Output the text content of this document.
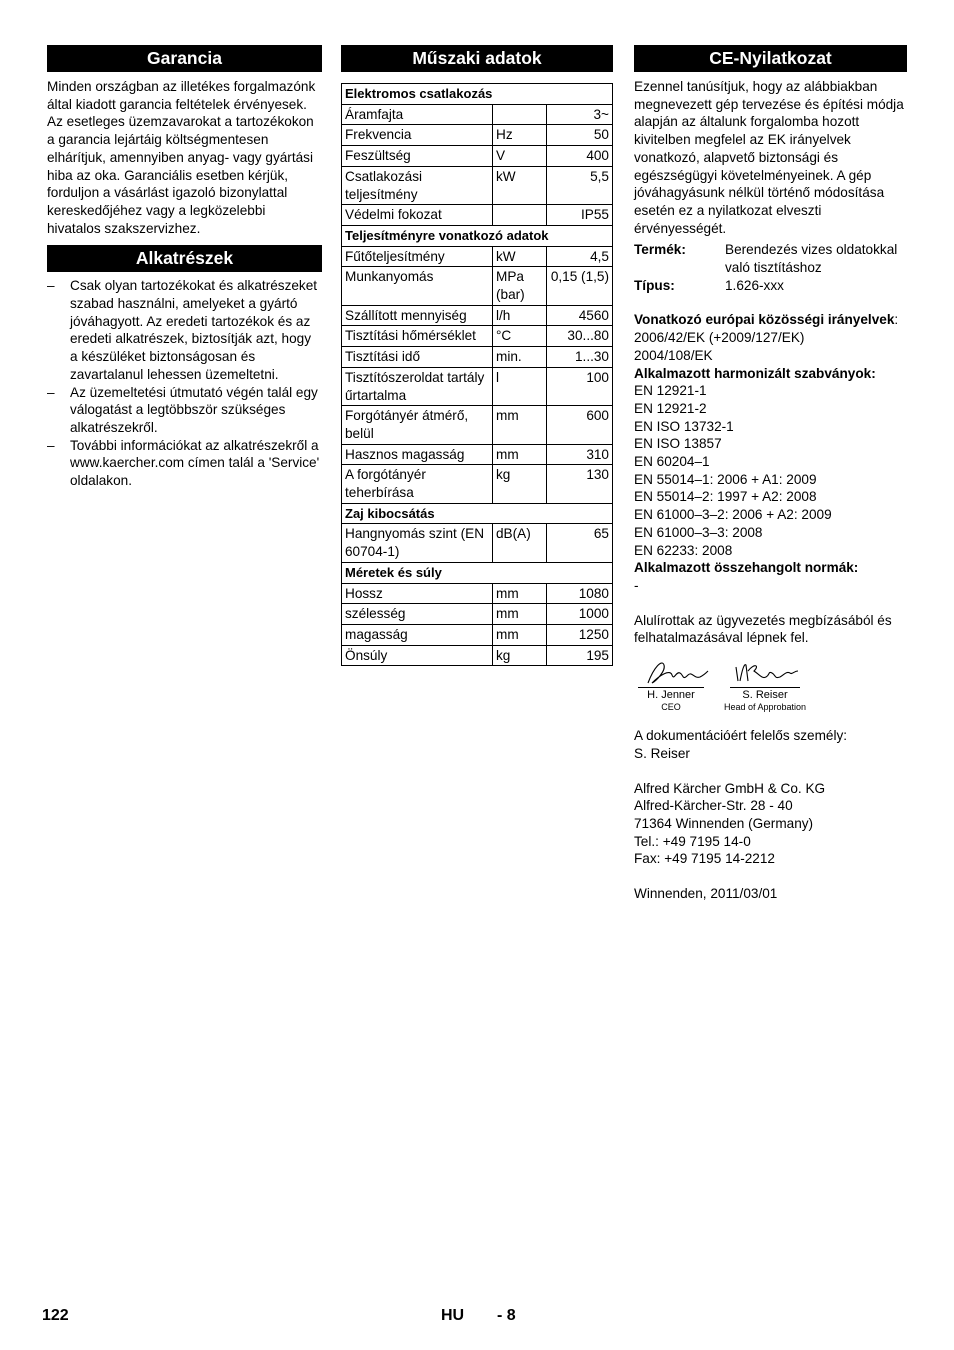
Garancia

Minden országban az illetékes forgalmazónk által kiadott garancia feltételek érvényesek. Az esetleges üzemzavarokat a tartozékokon a garancia lejártáig költségmentesen elhárítjuk, amennyiben anyag- vagy gyártási hiba az oka. Garanciális esetben kérjük, forduljon a vásárlást igazoló bizonylattal kereskedőjéhez vagy a legközelebbi hivatalos szakszervizhez.

Alkatrészek
– Csak olyan tartozékokat és alkatrészeket szabad használni, amelyeket a gyártó jóváhagyott. Az eredeti tartozékok és az eredeti alkatrészek, biztosítják azt, hogy a készüléket biztonságosan és zavartalanul lehessen üzemeltetni.
– Az üzemeltetési útmutató végén talál egy válogatást a legtöbbször szükséges alkatrészekről.
– További információkat az alkatrészekről a www.kaercher.com címen talál a 'Service' oldalakon.
Műszaki adatok
Elektromos csatlakozás		
Áramfajta		3~
Frekvencia	Hz	50
Feszültség	V	400
Csatlakozási teljesítmény	kW	5,5
Védelmi fokozat		IP55
Teljesítményre vonatkozó adatok		
Fűtőteljesítmény	kW	4,5
Munkanyomás	MPa (bar)	0,15 (1,5)
Szállított mennyiség	l/h	4560
Tisztítási hőmérséklet	°C	30...80
Tisztítási idő	min.	1...30
Tisztítószeroldat tartály űrtartalma	l	100
Forgótányér átmérő, belül	mm	600
Hasznos magasság	mm	310
A forgótányér teherbírása	kg	130
Zaj kibocsátás		
Hangnyomás szint (EN 60704-1)	dB(A)	65
Méretek és súly		
Hossz	mm	1080
szélesség	mm	1000
magasság	mm	1250
Önsúly	kg	195
CE-Nyilatkozat

Ezennel tanúsítjuk, hogy az alábbiakban megnevezett gép tervezése és építési módja alapján az általunk forgalomba hozott kivitelben megfelel az EK irányelvek vonatkozó, alapvető biztonsági és egészségügyi követelményeinek. A gép jóváhagyásunk nélkül történő módosítása esetén ez a nyilatkozat elveszti érvényességét.

Termék:	Berendezés vizes oldatokkal való tisztításhoz
Típus:	1.626-xxx

Vonatkozó európai közösségi irányelvek:

2006/42/EK (+2009/127/EK)

2004/108/EK

Alkalmazott harmonizált szabványok:

EN 12921-1

EN 12921-2

EN ISO 13732-1

EN ISO 13857

EN 60204–1

EN 55014–1: 2006 + A1: 2009

EN 55014–2: 1997 + A2: 2008

EN 61000–3–2: 2006 + A2: 2009

EN 61000–3–3: 2008

EN 62233: 2008

Alkalmazott összehangolt normák:

-

Alulírottak az ügyvezetés megbízásából és felhatalmazásával lépnek fel.

H. Jenner
CEO
S. Reiser
Head of Approbation

A dokumentációért felelős személy:

S. Reiser

Alfred Kärcher GmbH & Co. KG

Alfred-Kärcher-Str. 28 - 40

71364 Winnenden (Germany)

Tel.: +49 7195 14-0

Fax: +49 7195 14-2212

Winnenden, 2011/03/01

122	HU - 8
